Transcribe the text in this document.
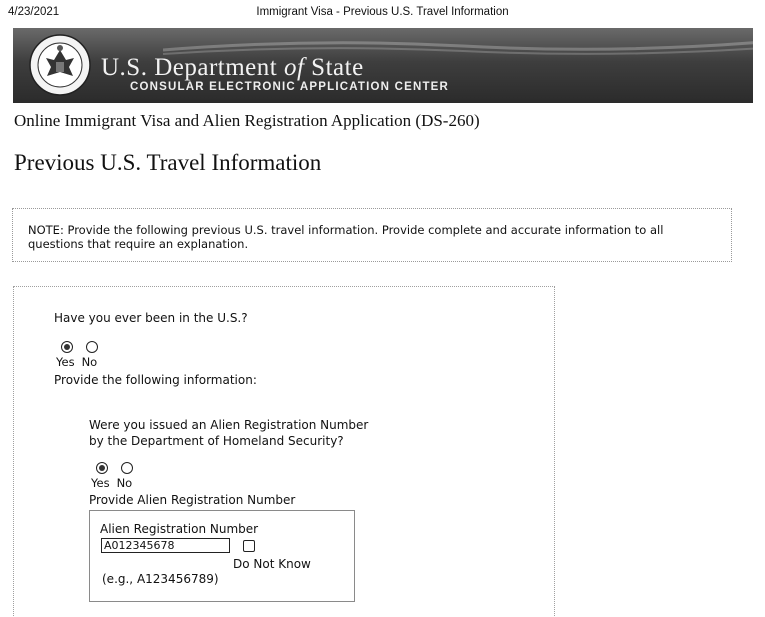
4/23/2021	Immigrant Visa - Previous U.S. Travel Information
U.S. Department of State
CONSULAR ELECTRONIC APPLICATION CENTER
Online Immigrant Visa and Alien Registration Application (DS-260)
Previous U.S. Travel Information
NOTE: Provide the following previous U.S. travel information. Provide complete and accurate information to all questions that require an explanation.
Have you ever been in the U.S.?
Yes No
Provide the following information:
Were you issued an Alien Registration Number by the Department of Homeland Security?
Yes No
Provide Alien Registration Number
Alien Registration Number
A012345678
Do Not Know
(e.g., A123456789)
